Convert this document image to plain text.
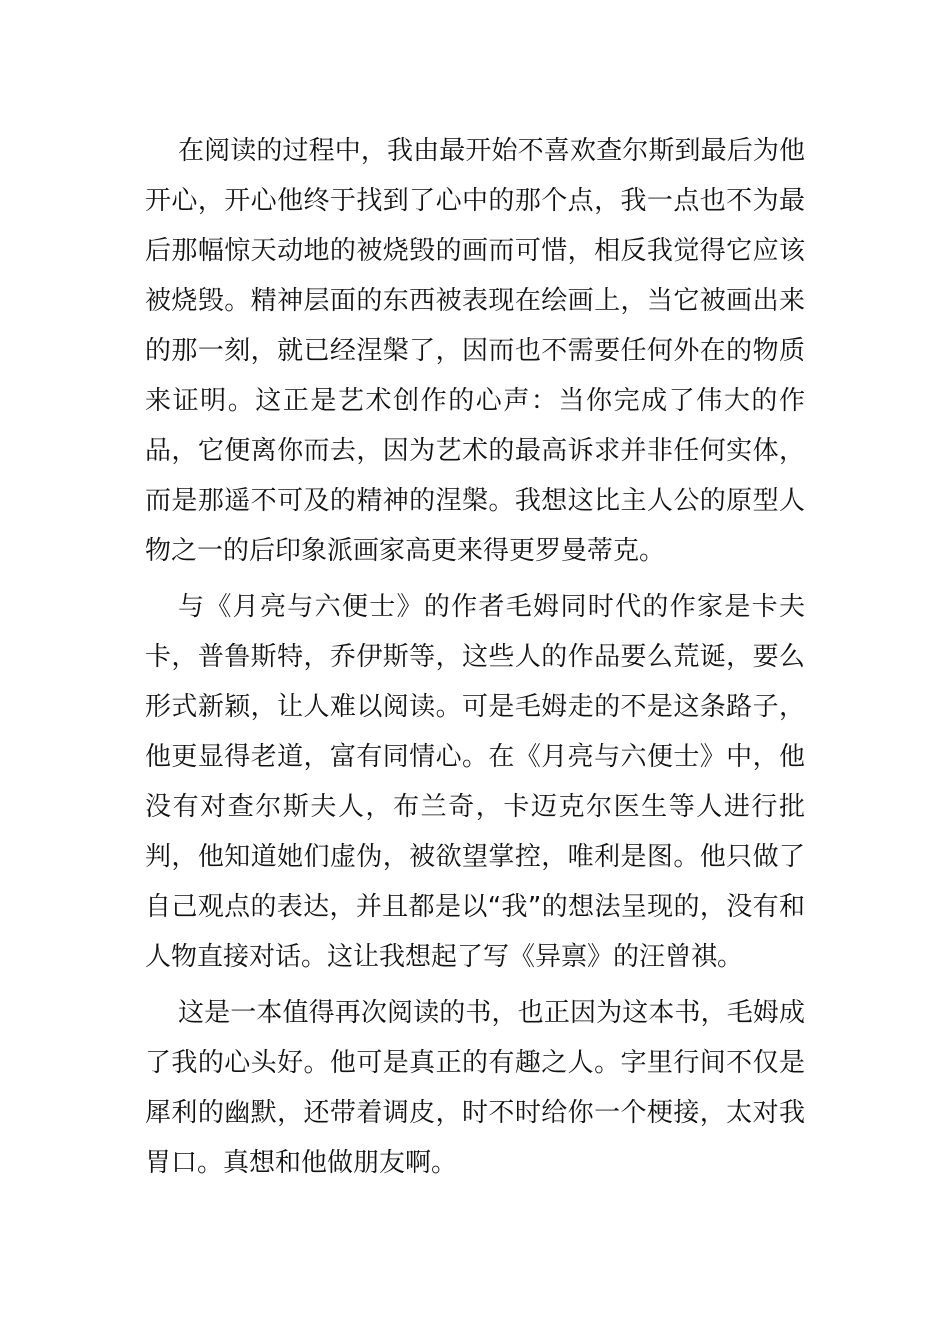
在阅读的过程中，我由最开始不喜欢查尔斯到最后为他开心，开心他终于找到了心中的那个点，我一点也不为最后那幅惊天动地的被烧毁的画而可惜，相反我觉得它应该被烧毁。精神层面的东西被表现在绘画上，当它被画出来的那一刻，就已经涅槃了，因而也不需要任何外在的物质来证明。这正是艺术创作的心声：当你完成了伟大的作品，它便离你而去，因为艺术的最高诉求并非任何实体，而是那遥不可及的精神的涅槃。我想这比主人公的原型人物之一的后印象派画家高更来得更罗曼蒂克。

与《月亮与六便士》的作者毛姆同时代的作家是卡夫卡，普鲁斯特，乔伊斯等，这些人的作品要么荒诞，要么形式新颖，让人难以阅读。可是毛姆走的不是这条路子，他更显得老道，富有同情心。在《月亮与六便士》中，他没有对查尔斯夫人，布兰奇，卡迈克尔医生等人进行批判，他知道她们虚伪，被欲望掌控，唯利是图。他只做了自己观点的表达，并且都是以“我”的想法呈现的，没有和人物直接对话。这让我想起了写《异禀》的汪曾祺。

这是一本值得再次阅读的书，也正因为这本书，毛姆成了我的心头好。他可是真正的有趣之人。字里行间不仅是犀利的幽默，还带着调皮，时不时给你一个梗接，太对我胃口。真想和他做朋友啊。
